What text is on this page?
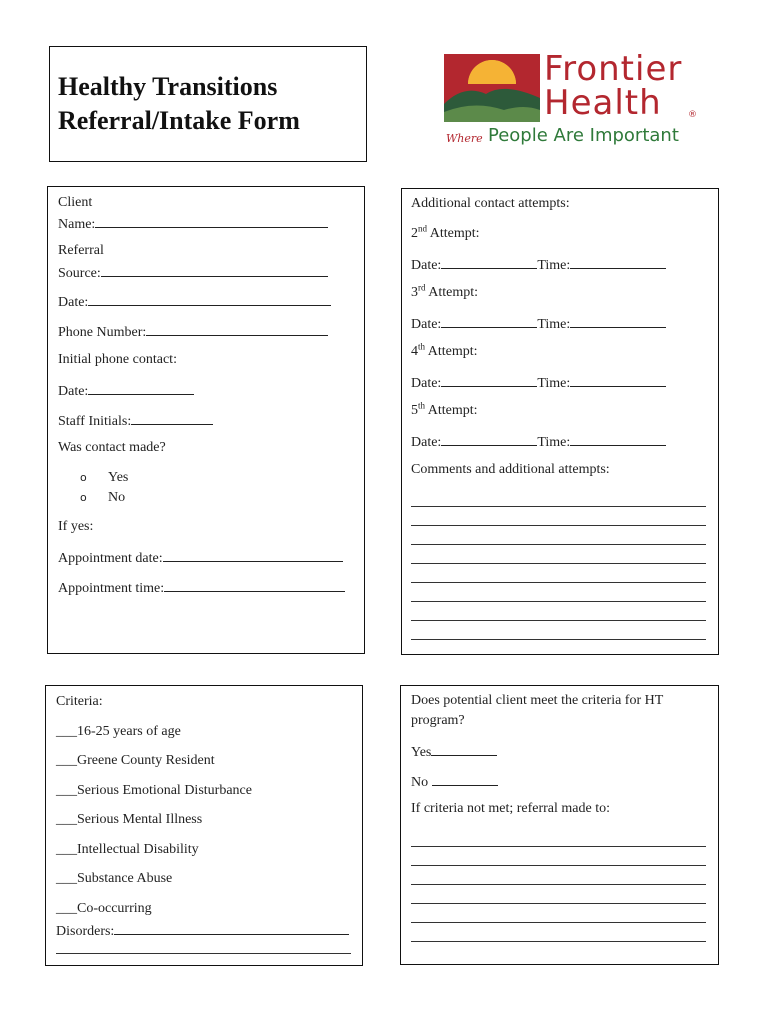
Healthy Transitions
Referral/Intake Form
Frontier
Health	®
Where People Are Important
Client
Name:
Referral
Source:
Date:
Phone Number:
Initial phone contact:
Date:
Staff Initials:
Was contact made?
o Yes
o No
If yes:
Appointment date:
Appointment time:
Additional contact attempts:
2nd Attempt:
Date:	Time:
3rd Attempt:
Date:	Time:
4th Attempt:
Date:	Time:
5th Attempt:
Date:	Time:
Comments and additional attempts:
Criteria:
___16-25 years of age
___Greene County Resident
___Serious Emotional Disturbance
___Serious Mental Illness
___Intellectual Disability
___Substance Abuse
___Co-occurring
Disorders:
Does potential client meet the criteria for HT
program?
Yes
No
If criteria not met; referral made to:
